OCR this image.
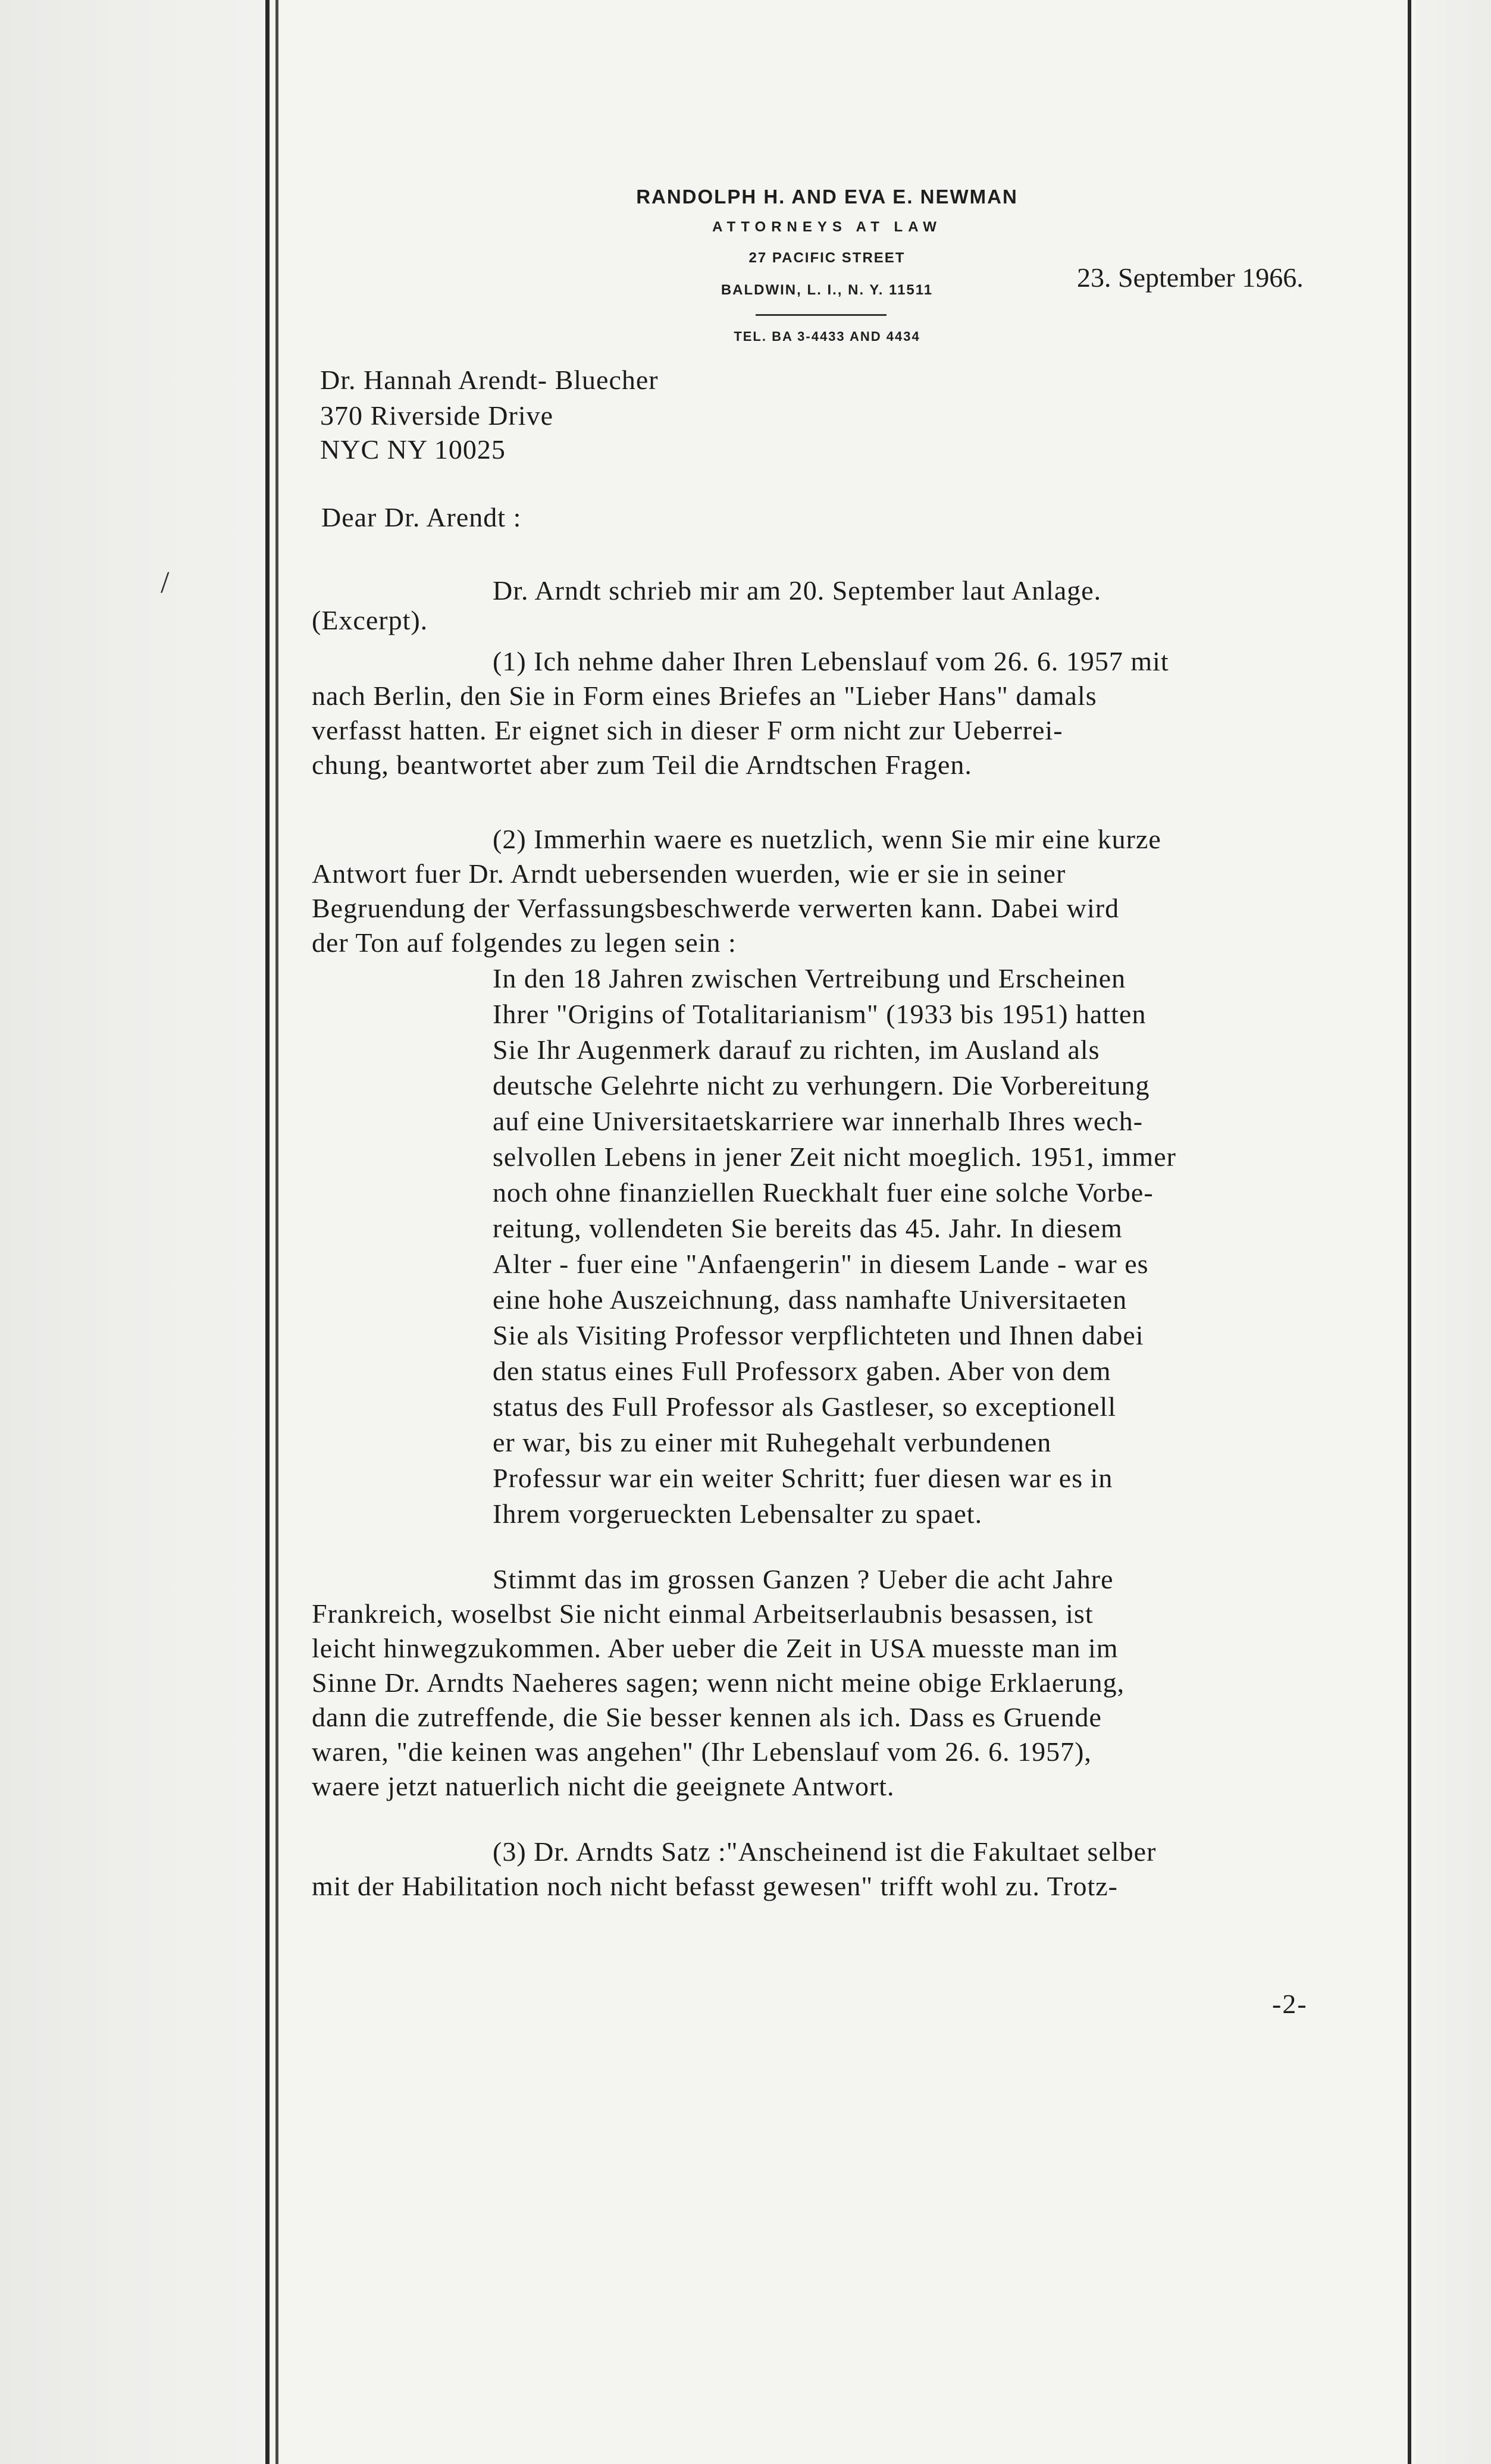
RANDOLPH H. AND EVA E. NEWMAN
ATTORNEYS AT LAW
27 PACIFIC STREET
BALDWIN, L. I., N. Y. 11511
TEL. BA 3-4433 AND 4434
23. September 1966.
Dr. Hannah Arendt- Bluecher
370 Riverside Drive
NYC NY 10025
Dear Dr. Arendt :
/	Dr. Arndt schrieb mir am 20. September laut Anlage.
(Excerpt).
(1) Ich nehme daher Ihren Lebenslauf vom 26. 6. 1957 mit
nach Berlin, den Sie in Form eines Briefes an "Lieber Hans" damals
verfasst hatten. Er eignet sich in dieser F orm nicht zur Ueberrei-
chung, beantwortet aber zum Teil die Arndtschen Fragen.
(2) Immerhin waere es nuetzlich, wenn Sie mir eine kurze
Antwort fuer Dr. Arndt uebersenden wuerden, wie er sie in seiner
Begruendung der Verfassungsbeschwerde verwerten kann. Dabei wird
der Ton auf folgendes zu legen sein :
In den 18 Jahren zwischen Vertreibung und Erscheinen
Ihrer "Origins of Totalitarianism" (1933 bis 1951) hatten
Sie Ihr Augenmerk darauf zu richten, im Ausland als
deutsche Gelehrte nicht zu verhungern. Die Vorbereitung
auf eine Universitaetskarriere war innerhalb Ihres wech-
selvollen Lebens in jener Zeit nicht moeglich. 1951, immer
noch ohne finanziellen Rueckhalt fuer eine solche Vorbe-
reitung, vollendeten Sie bereits das 45. Jahr. In diesem
Alter - fuer eine "Anfaengerin" in diesem Lande - war es
eine hohe Auszeichnung, dass namhafte Universitaeten
Sie als Visiting Professor verpflichteten und Ihnen dabei
den status eines Full Professorx gaben. Aber von dem
status des Full Professor als Gastleser, so exceptionell
er war, bis zu einer mit Ruhegehalt verbundenen
Professur war ein weiter Schritt; fuer diesen war es in
Ihrem vorgerueckten Lebensalter zu spaet.
Stimmt das im grossen Ganzen ? Ueber die acht Jahre
Frankreich, woselbst Sie nicht einmal Arbeitserlaubnis besassen, ist
leicht hinwegzukommen. Aber ueber die Zeit in USA muesste man im
Sinne Dr. Arndts Naeheres sagen; wenn nicht meine obige Erklaerung,
dann die zutreffende, die Sie besser kennen als ich. Dass es Gruende
waren, "die keinen was angehen" (Ihr Lebenslauf vom 26. 6. 1957),
waere jetzt natuerlich nicht die geeignete Antwort.
(3) Dr. Arndts Satz :"Anscheinend ist die Fakultaet selber
mit der Habilitation noch nicht befasst gewesen" trifft wohl zu. Trotz-
-2-
